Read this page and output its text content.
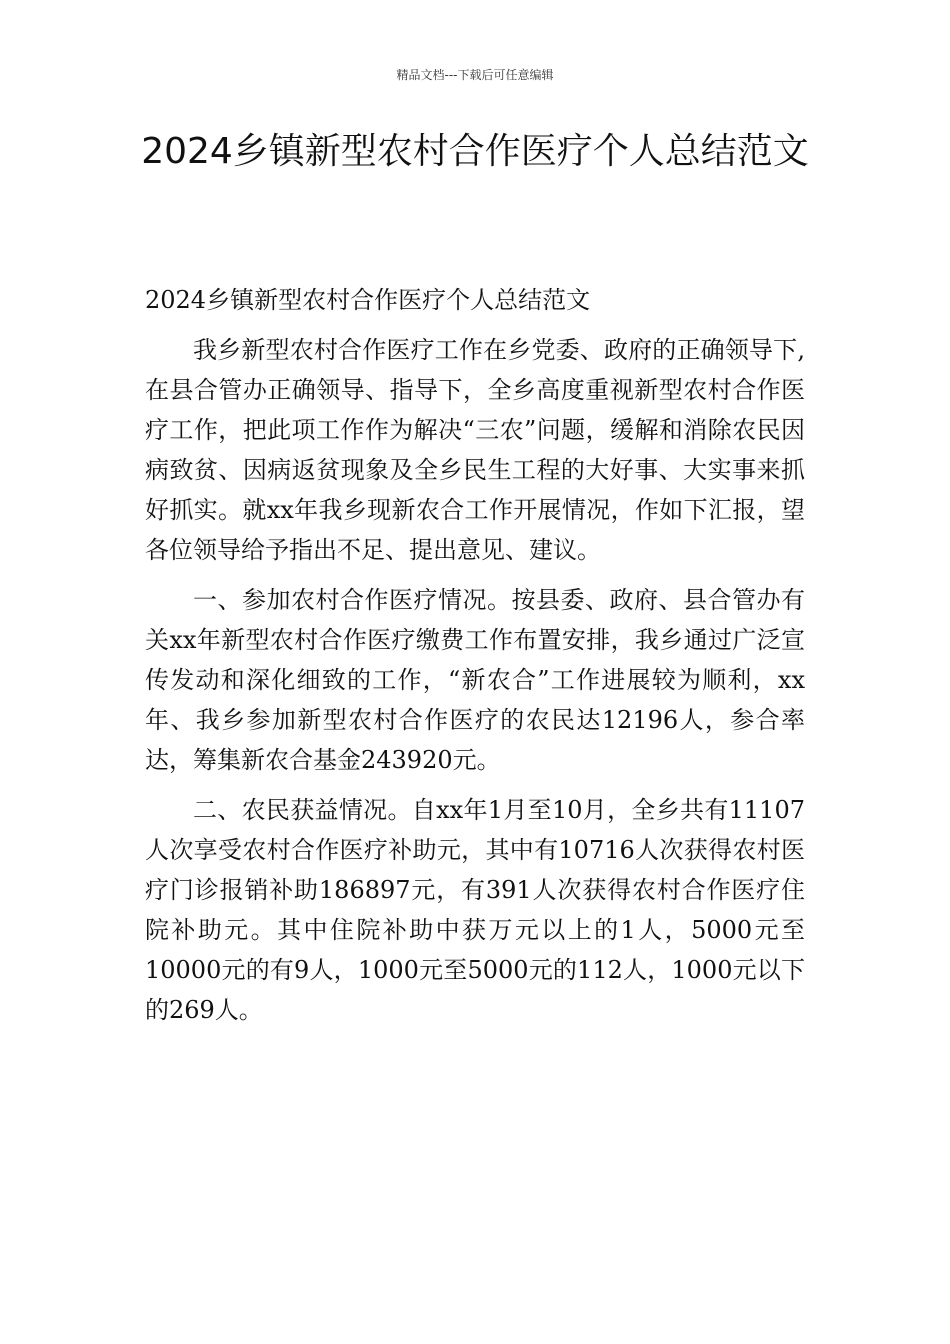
精品文档---下载后可任意编辑
2024乡镇新型农村合作医疗个人总结范文

2024乡镇新型农村合作医疗个人总结范文

我乡新型农村合作医疗工作在乡党委、政府的正确领导下,在县合管办正确领导、指导下，全乡高度重视新型农村合作医疗工作，把此项工作作为解决“三农”问题，缓解和消除农民因病致贫、因病返贫现象及全乡民生工程的大好事、大实事来抓好抓实。就xx年我乡现新农合工作开展情况，作如下汇报，望各位领导给予指出不足、提出意见、建议。

一、参加农村合作医疗情况。按县委、政府、县合管办有关xx年新型农村合作医疗缴费工作布置安排，我乡通过广泛宣传发动和深化细致的工作，“新农合”工作进展较为顺利，xx年、我乡参加新型农村合作医疗的农民达12196人，参合率达，筹集新农合基金243920元。

二、农民获益情况。自xx年1月至10月，全乡共有11107人次享受农村合作医疗补助元，其中有10716人次获得农村医疗门诊报销补助186897元，有391人次获得农村合作医疗住院补助元。其中住院补助中获万元以上的1人，5000元至10000元的有9人，1000元至5000元的112人，1000元以下的269人。
